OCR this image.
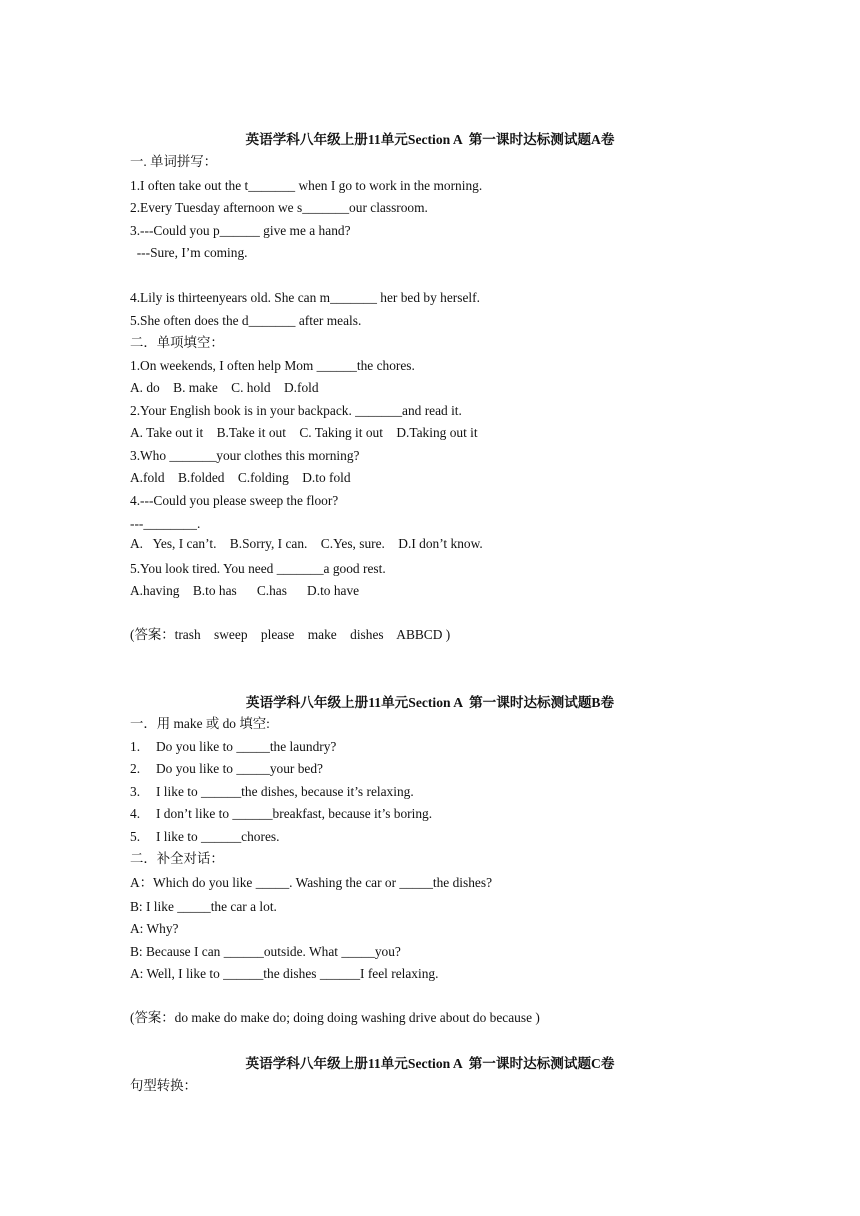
英语学科八年级上册11单元Section A  第一课时达标测试题A卷
一. 单词拼写：
1.I often take out the t_______ when I go to work in the morning.
2.Every Tuesday afternoon we s_______our classroom.
3.---Could you p______ give me a hand?
---Sure, I’m coming.
4.Lily is thirteenyears old. She can m_______ her bed by herself.
5.She often does the d_______ after meals.
二．单项填空：
1.On weekends, I often help Mom ______the chores.
A. do    B. make    C. hold    D.fold
2.Your English book is in your backpack. _______and read it.
A. Take out it    B.Take it out    C. Taking it out    D.Taking out it
3.Who _______your clothes this morning?
A.fold    B.folded    C.folding    D.to fold
4.---Could you please sweep the floor?
---________.
A.   Yes, I can’t.    B.Sorry, I can.    C.Yes, sure.    D.I don’t know.
5.You look tired. You need _______a good rest.
A.having    B.to has      C.has      D.to have
(答案：trash    sweep    please    make    dishes    ABBCD )
英语学科八年级上册11单元Section A  第一课时达标测试题B卷
一．用 make 或 do 填空:
1. Do you like to _____the laundry?
2. Do you like to _____your bed?
3. I like to ______the dishes, because it’s relaxing.
4. I don’t like to ______breakfast, because it’s boring.
5. I like to ______chores.
二．补全对话：
A：Which do you like _____. Washing the car or _____the dishes?
B: I like _____the car a lot.
A: Why?
B: Because I can ______outside. What _____you?
A: Well, I like to ______the dishes ______I feel relaxing.
(答案：do make do make do; doing doing washing drive about do because )
英语学科八年级上册11单元Section A  第一课时达标测试题C卷
句型转换：
